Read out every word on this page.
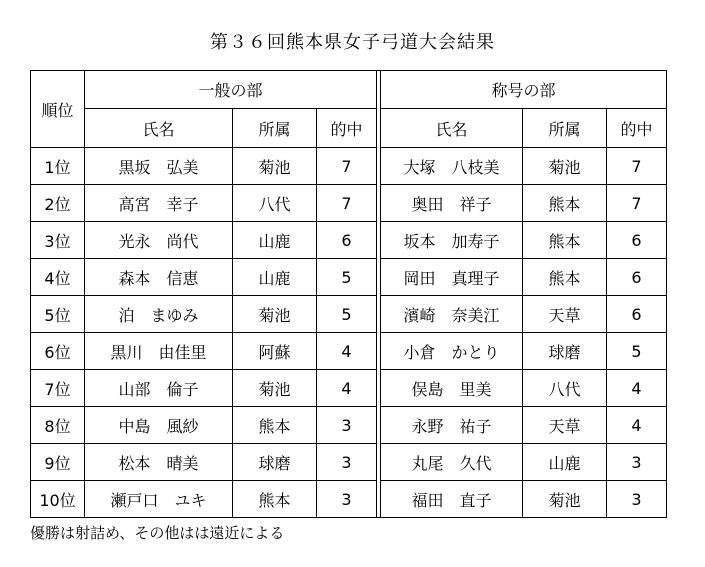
第３６回熊本県女子弓道大会結果
順位	一般の部				称号の部		
	氏名	所属	的中		氏名	所属	的中
1位	黒坂　弘美	菊池	7		大塚　八枝美	菊池	7
2位	高宮　幸子	八代	7		奥田　祥子	熊本	7
3位	光永　尚代	山鹿	6		坂本　加寿子	熊本	6
4位	森本　信恵	山鹿	5		岡田　真理子	熊本	6
5位	泊　まゆみ	菊池	5		濱崎　奈美江	天草	6
6位	黒川　由佳里	阿蘇	4		小倉　かとり	球磨	5
7位	山部　倫子	菊池	4		俣島　里美	八代	4
8位	中島　風紗	熊本	3		永野　祐子	天草	4
9位	松本　晴美	球磨	3		丸尾　久代	山鹿	3
10位	瀬戸口　ユキ	熊本	3		福田　直子	菊池	3
優勝は射詰め、その他はは遠近による
